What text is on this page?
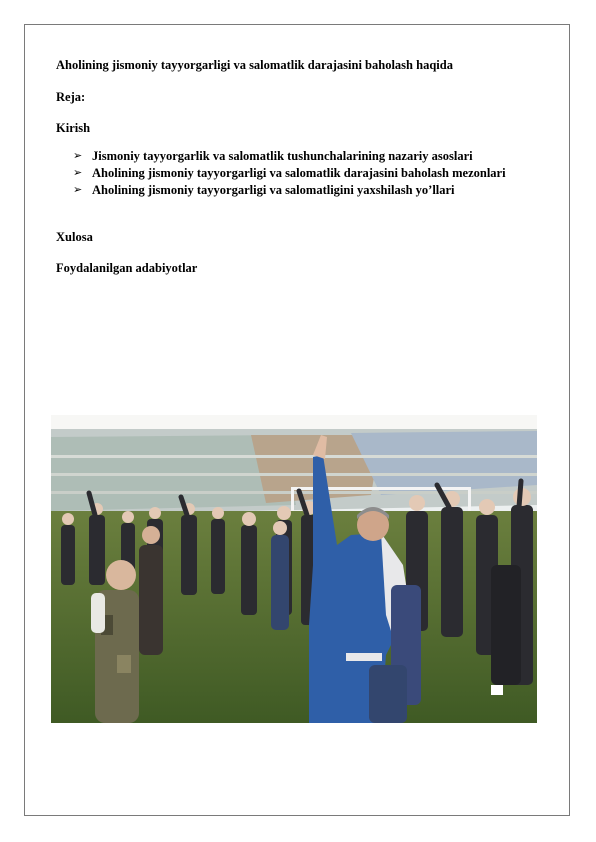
Aholining jismoniy tayyorgarligi va salomatlik darajasini baholash haqida
Reja:
Kirish
➢ Jismoniy tayyorgarlik va salomatlik tushunchalarining nazariy asoslari
➢ Aholining jismoniy tayyorgarligi va salomatlik darajasini baholash mezonlari
➢ Aholining jismoniy tayyorgarligi va salomatligini yaxshilash yo’llari
Xulosa
Foydalanilgan adabiyotlar
